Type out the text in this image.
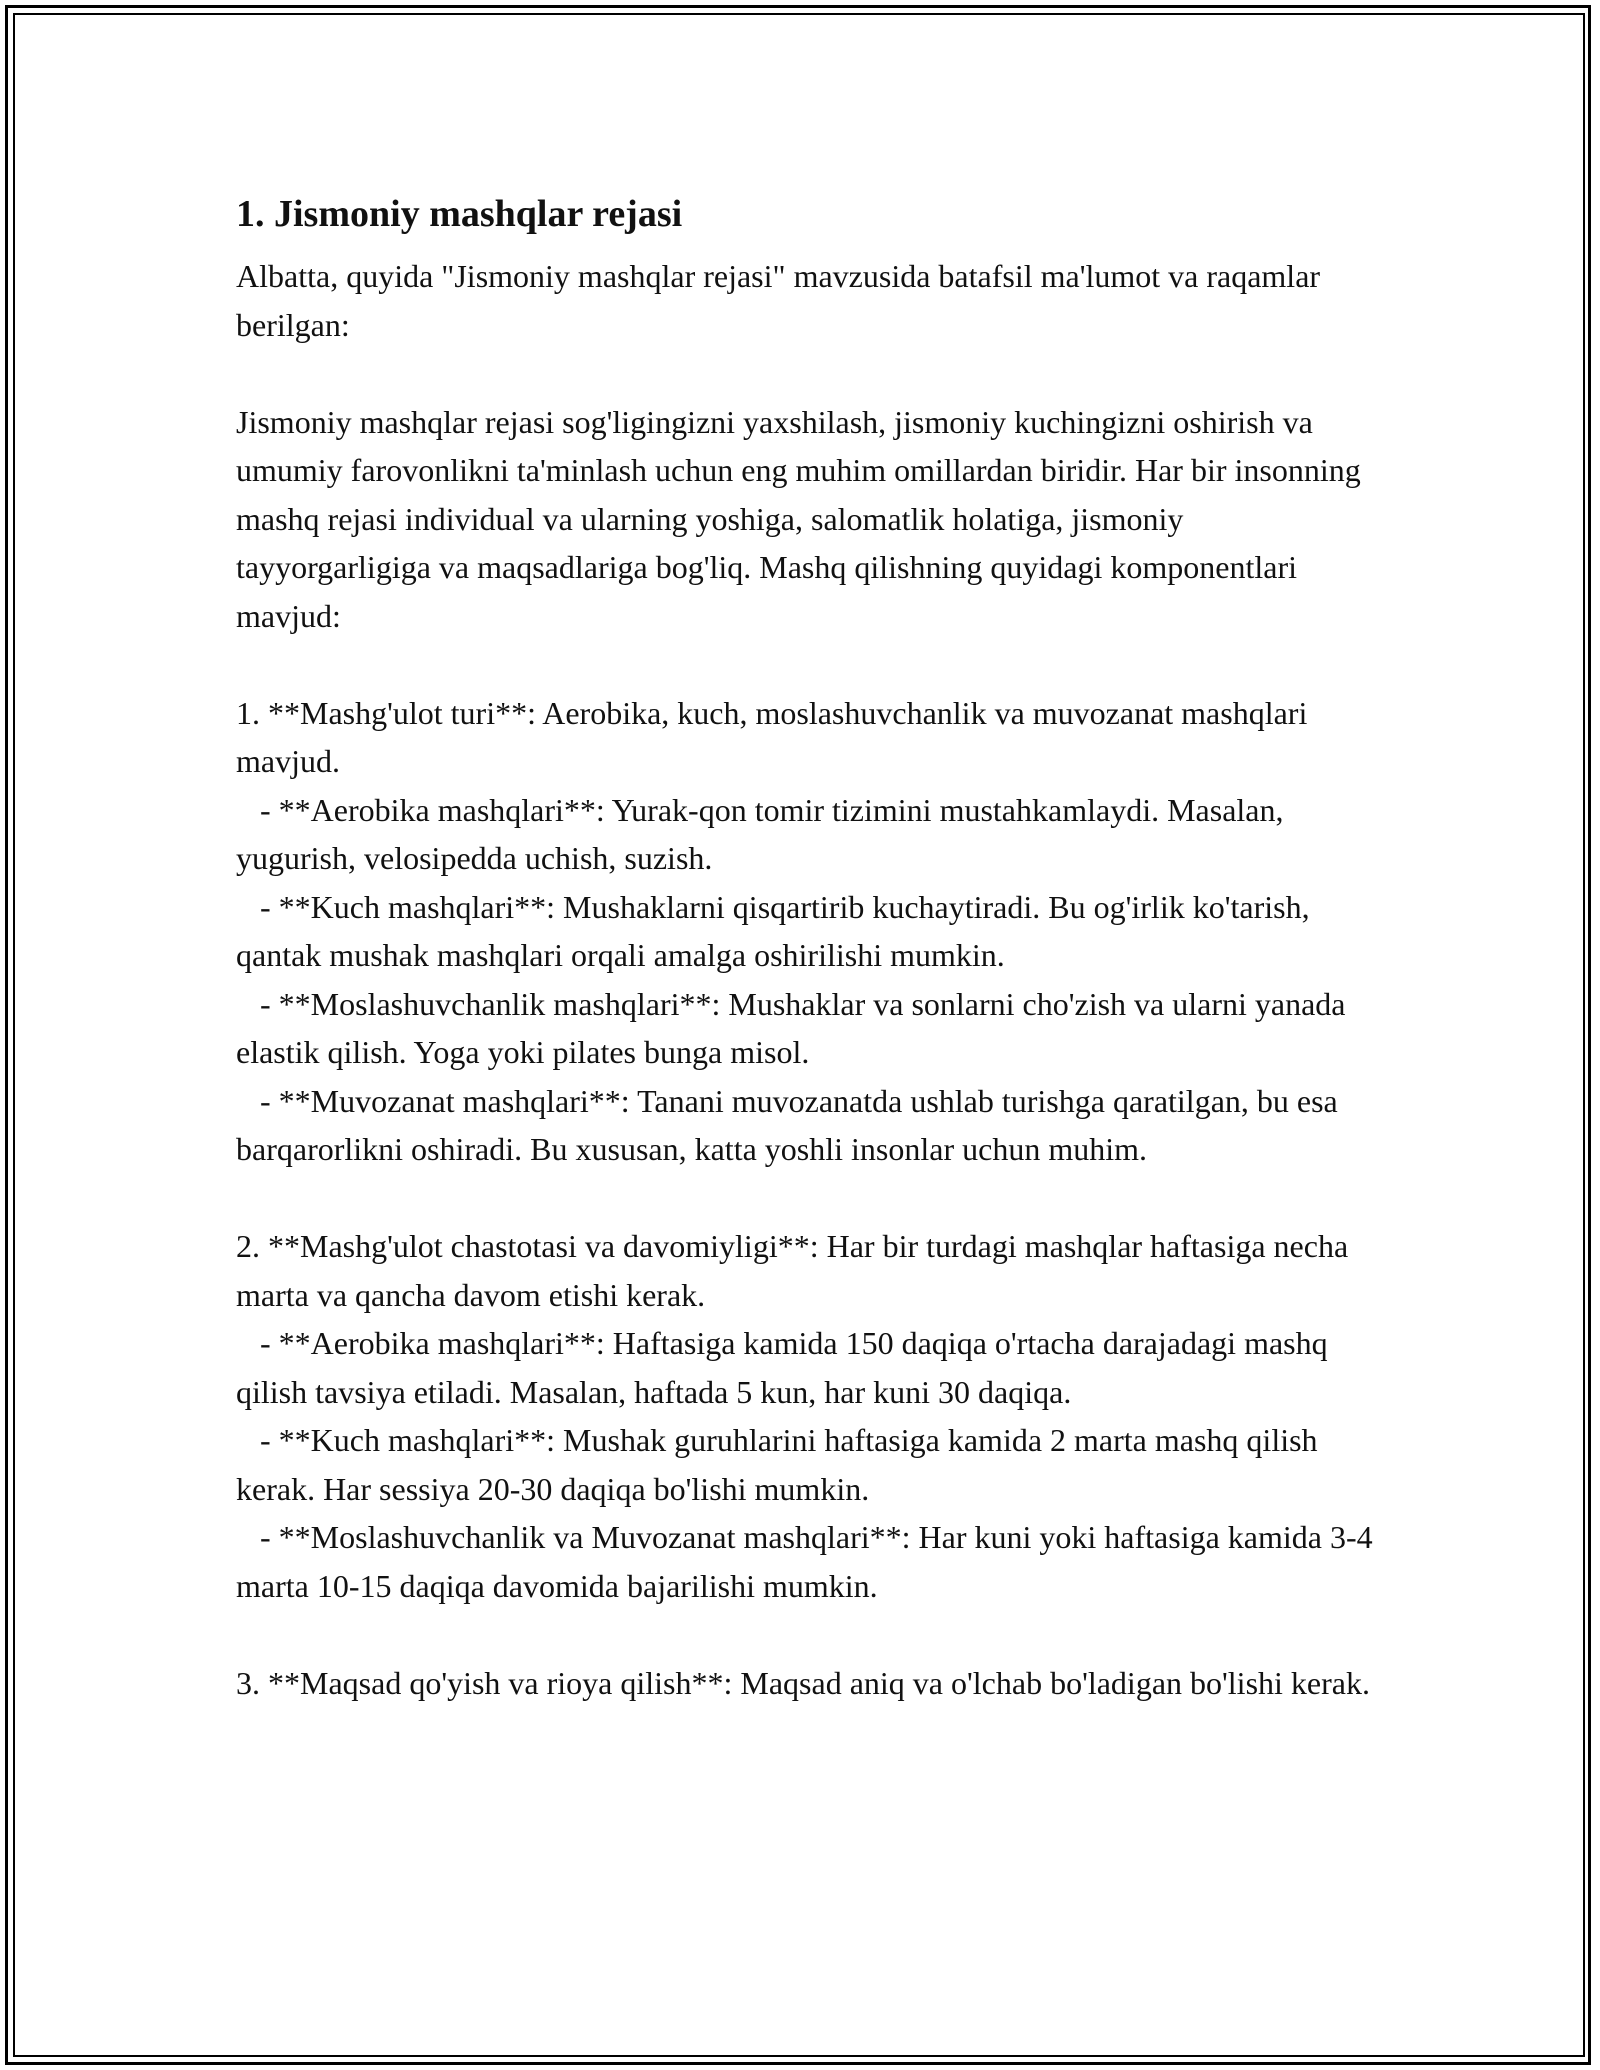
1. Jismoniy mashqlar rejasi

Albatta, quyida "Jismoniy mashqlar rejasi" mavzusida batafsil ma'lumot va raqamlar berilgan:

Jismoniy mashqlar rejasi sog'ligingizni yaxshilash, jismoniy kuchingizni oshirish va umumiy farovonlikni ta'minlash uchun eng muhim omillardan biridir. Har bir insonning mashq rejasi individual va ularning yoshiga, salomatlik holatiga, jismoniy tayyorgarligiga va maqsadlariga bog'liq. Mashq qilishning quyidagi komponentlari mavjud:

1. **Mashg'ulot turi**: Aerobika, kuch, moslashuvchanlik va muvozanat mashqlari mavjud.

- **Aerobika mashqlari**: Yurak-qon tomir tizimini mustahkamlaydi. Masalan, yugurish, velosipedda uchish, suzish.

- **Kuch mashqlari**: Mushaklarni qisqartirib kuchaytiradi. Bu og'irlik ko'tarish, qantak mushak mashqlari orqali amalga oshirilishi mumkin.

- **Moslashuvchanlik mashqlari**: Mushaklar va sonlarni cho'zish va ularni yanada elastik qilish. Yoga yoki pilates bunga misol.

- **Muvozanat mashqlari**: Tanani muvozanatda ushlab turishga qaratilgan, bu esa barqarorlikni oshiradi. Bu xususan, katta yoshli insonlar uchun muhim.

2. **Mashg'ulot chastotasi va davomiyligi**: Har bir turdagi mashqlar haftasiga necha marta va qancha davom etishi kerak.

- **Aerobika mashqlari**: Haftasiga kamida 150 daqiqa o'rtacha darajadagi mashq qilish tavsiya etiladi. Masalan, haftada 5 kun, har kuni 30 daqiqa.

- **Kuch mashqlari**: Mushak guruhlarini haftasiga kamida 2 marta mashq qilish kerak. Har sessiya 20-30 daqiqa bo'lishi mumkin.

- **Moslashuvchanlik va Muvozanat mashqlari**: Har kuni yoki haftasiga kamida 3-4 marta 10-15 daqiqa davomida bajarilishi mumkin.

3. **Maqsad qo'yish va rioya qilish**: Maqsad aniq va o'lchab bo'ladigan bo'lishi kerak.
